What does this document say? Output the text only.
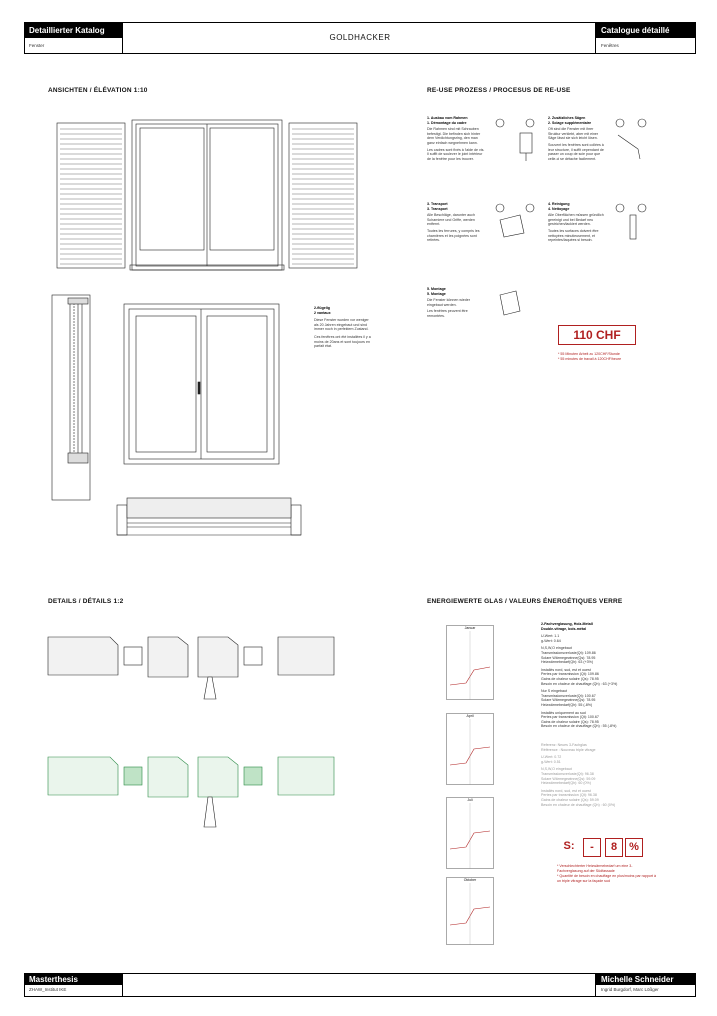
Detaillierter Katalog
Fenster
GOLDHACKER
Catalogue détaillé
Fenêtres
ANSICHTEN / ÉLÉVATION 1:10	RE-USE PROZESS / PROCESUS DE RE-USE
DETAILS / DÉTAILS 1:2	ENERGIEWERTE GLAS / VALEURS ÉNERGÉTIQUES VERRE
2-flügelig
2 vantaux
Diese Fenster wurden vor weniger als 20 Jahren eingebaut und sind immer noch in perfektem Zustand.
Ces fenêtres ont été installées il y a moins de 20ans et sont toujours en parfait état.
1. Ausbau vom Rahmen
1. Démontage du cadre
Die Rahmen sind mit Schrauben befestigt. Die befinden sich hinter dem Verdichtungsring, den man ganz einfach wegnehmen kann.
Les cadres sont fixés à l'aide de vis. Il suffit de soulever le joint intérieur de la fenêtre pour les trouver.
2. Zusätzliches Sägen
2. Sciage supplémentaire
Oft sind die Fenster mit ihrer Struktur verklebt, aber mit einer Säge lässt sie sich leicht lösen.
Souvent les fenêtres sont collées à leur structure, il suffit cependant de passer un coup de scie pour que celle-ci se détache facilement.
3. Transport
3. Transport
Alle Beschläge, darunter auch Scharniere und Griffe, werden entfernt.
Toutes les ferrures, y compris les charnières et les poignées sont retirées.
4. Reinigung
4. Nettoyage
Alle Oberflächen müssen gründlich gereinigt und bei Bedarf neu gestrichen/lackiert werden.
Toutes les surfaces doivent être nettoyées minutieusement, et repeintes/laquées si besoin.
5. Montage
5. Montage
Die Fenster können wieder eingebaut werden.
Les fenêtres peuvent être remontées.
110 CHF
* 55 Minuten Arbeit zu 120CHF/Stunde
* 55 minutes de travail à 120CHF/heure
Januar
April
Juli
Oktober
2-Fachverglasung, Holz-Metall
Double-vitrage, bois-métal
U-Wert: 1.1
g-Wert: 0.64
N,S,W,O eingebaut
Transmissionsverluste(Qt): 109.86
Solare Wärmegewinne(Qs): 78.95
Heizwärmebedarf(Qh): 63 (+3%)
Installés nord, sud, est et ouest
Pertes par transmission (Qt): 109.86
Gains de chaleur solaire (Qs): 78.95
Besoin en chaleur de chauffage (Qh) : 63 (+3%)
Nur S eingebaut
Transmissionsverluste(Qt): 100.67
Solare Wärmegewinne(Qs): 78.95
Heizwärmebedarf(Qh): 55 (-8%)
Installés uniquement au sud
Pertes par transmission (Qt): 100.67
Gains de chaleur solaire (Qs): 78.95
Besoin en chaleur de chauffage (Qh) : 55 (-8%)
Referenz: Neues 3-Fachglas
Référence : Nouveau triple vitrage
U-Wert: 0.72
g-Wert: 0.51
N,S,W,O eingebaut
Transmissionsverluste(Qt): 96.38
Solare Wärmegewinne(Qs): 59.09
Heizwärmebedarf(Qh): 60 (0%)
Installés nord, sud, est et ouest
Pertes par transmission (Qt): 96.38
Gains de chaleur solaire (Qs): 59.09
Besoin en chaleur de chauffage (Qh) : 60 (0%)
S:	-	8	%
* Verschlechterter Heizwärmebedarf um eine 3-Fachverglasung auf der Südfassade
* Quantité de besoin en chauffage en plus/moins par rapport à un triple vitrage sur la façade sud
Masterthesis
ZHAW_Institut IKE
Michelle Schneider
Ingrid Burgdorf, Marc Lößger
